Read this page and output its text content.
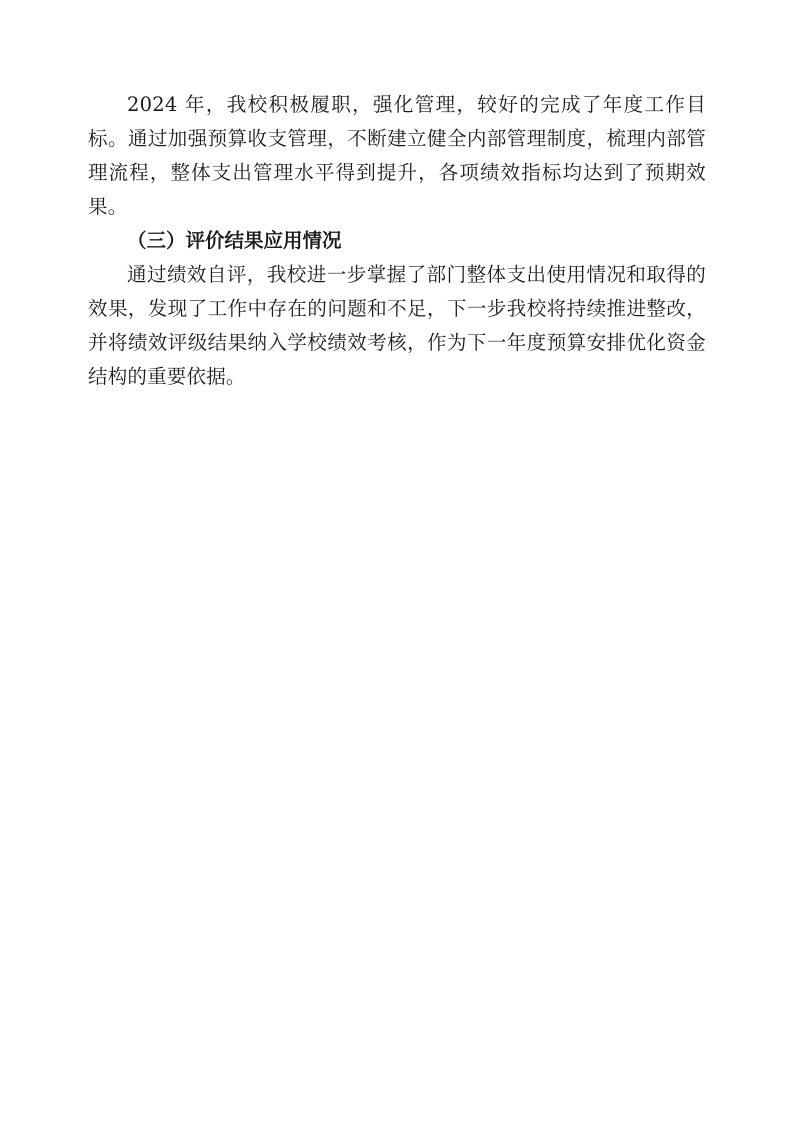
2024 年，我校积极履职，强化管理，较好的完成了年度工作目标。通过加强预算收支管理，不断建立健全内部管理制度，梳理内部管理流程，整体支出管理水平得到提升，各项绩效指标均达到了预期效果。

（三）评价结果应用情况

通过绩效自评，我校进一步掌握了部门整体支出使用情况和取得的效果，发现了工作中存在的问题和不足，下一步我校将持续推进整改，并将绩效评级结果纳入学校绩效考核，作为下一年度预算安排优化资金结构的重要依据。
